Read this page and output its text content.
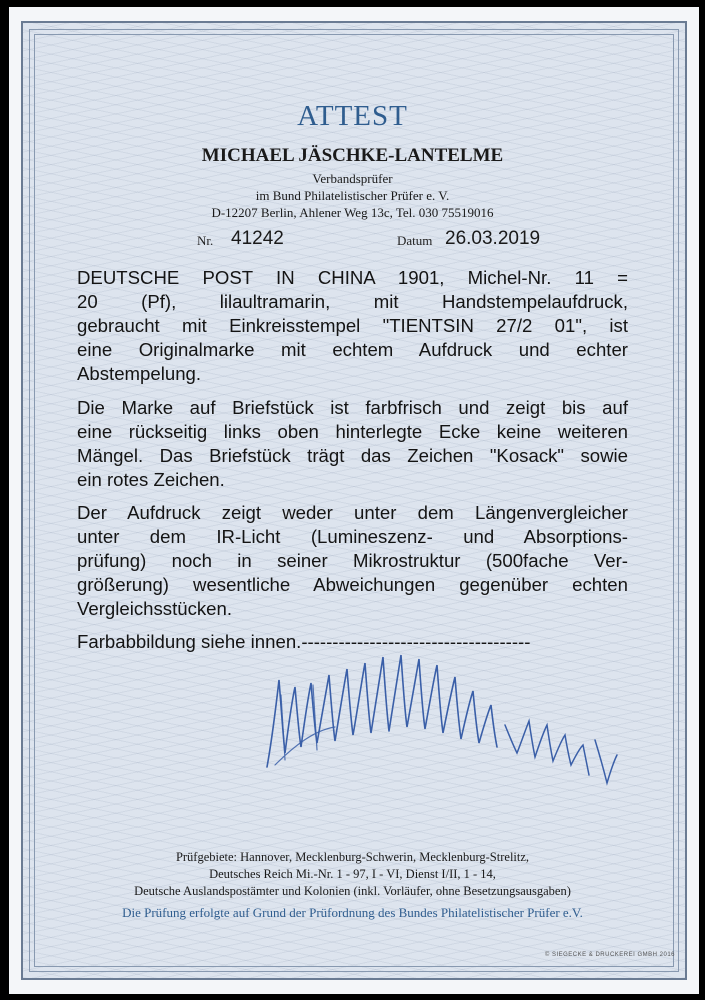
ATTEST
MICHAEL JÄSCHKE-LANTELME
Verbandsprüfer
im Bund Philatelistischer Prüfer e. V.
D-12207 Berlin, Ahlener Weg 13c, Tel. 030 75519016
Nr. 41242	Datum 26.03.2019
DEUTSCHE POST IN CHINA 1901, Michel-Nr. 11 =
20 (Pf), lilaultramarin, mit Handstempelaufdruck,
gebraucht mit Einkreisstempel "TIENTSIN 27/2 01", ist
eine Originalmarke mit echtem Aufdruck und echter
Abstempelung.
Die Marke auf Briefstück ist farbfrisch und zeigt bis auf
eine rückseitig links oben hinterlegte Ecke keine weiteren
Mängel. Das Briefstück trägt das Zeichen "Kosack" sowie
ein rotes Zeichen.
Der Aufdruck zeigt weder unter dem Längenvergleicher
unter dem IR-Licht (Lumineszenz- und Absorptions-
prüfung) noch in seiner Mikrostruktur (500fache Ver-
größerung) wesentliche Abweichungen gegenüber echten
Vergleichsstücken.
Farbabbildung siehe innen.-------------------------------------
Prüfgebiete: Hannover, Mecklenburg-Schwerin, Mecklenburg-Strelitz,
Deutsches Reich Mi.-Nr. 1 - 97, I - VI, Dienst I/II, 1 - 14,
Deutsche Auslandspostämter und Kolonien (inkl. Vorläufer, ohne Besetzungsausgaben)
Die Prüfung erfolgte auf Grund der Prüfordnung des Bundes Philatelistischer Prüfer e.V.
© SIEGECKE & DRUCKEREI GMBH 2016
